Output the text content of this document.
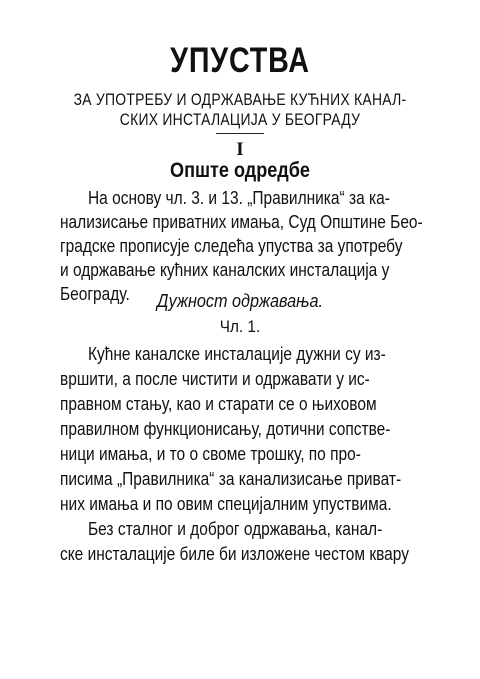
УПУСТВА
ЗА УПОТРЕБУ И ОДРЖАВАЊЕ КУЋНИХ КАНАЛ-
СКИХ ИНСТАЛАЦИЈА У БЕОГРАДУ
I
Опште одредбе
На основу чл. 3. и 13. „Правилника“ за ка-
нализисање приватних имања, Суд Општине Бео-
градске прописује следећа упуства за употребу
и одржавање кућних каналских инсталација у
Београду.	Дужност одржавања.
Чл. 1.
Кућне каналске инсталације дужни су из-
вршити, а после чистити и одржавати у ис-
правном стању, као и старати се о њиховом
правилном функционисању, дотични сопстве-
ници имања, и то о своме трошку, по про-
писима „Правилника“ за канализисање приват-
них имања и по овим специјалним упуствима.
Без сталног и доброг одржавања, канал-
ске инсталације биле би изложене честом квару
